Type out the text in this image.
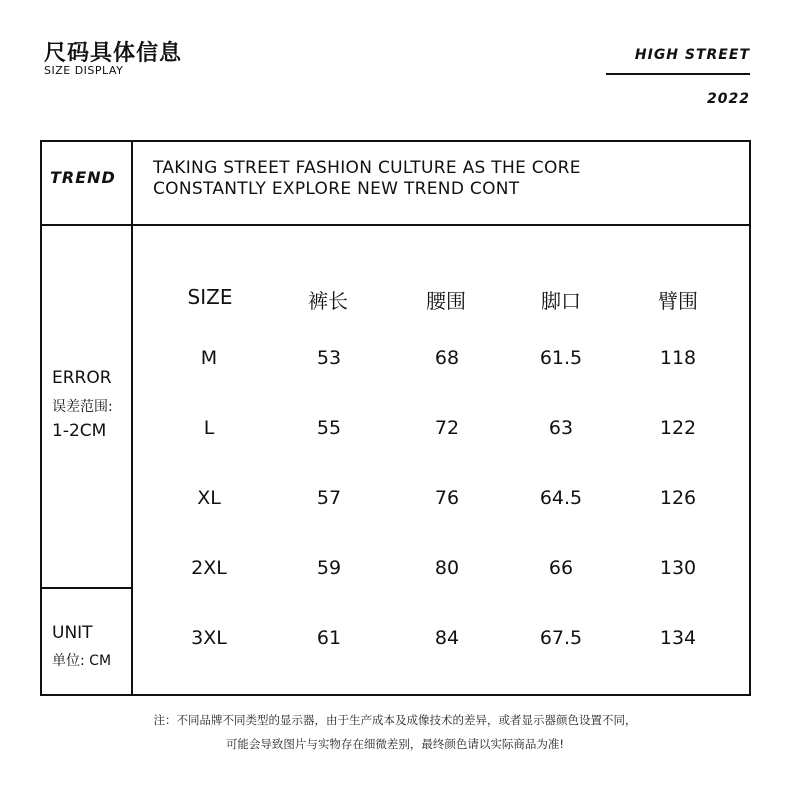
尺码具体信息
SIZE DISPLAY
HIGH STREET
2022
TREND TAKING STREET FASHION CULTURE AS THE CORE
CONSTANTLY EXPLORE NEW TREND CONT
ERROR
误差范围:
1-2CM
UNIT
单位: CM
SIZE	裤长	腰围	脚口	臂围
M	53	68	61.5	118
L	55	72	63	122
XL	57	76	64.5	126
2XL	59	80	66	130
3XL	61	84	67.5	134
注：不同品牌不同类型的显示器，由于生产成本及成像技术的差异，或者显示器颜色设置不同，
可能会导致图片与实物存在细微差别，最终颜色请以实际商品为准!
